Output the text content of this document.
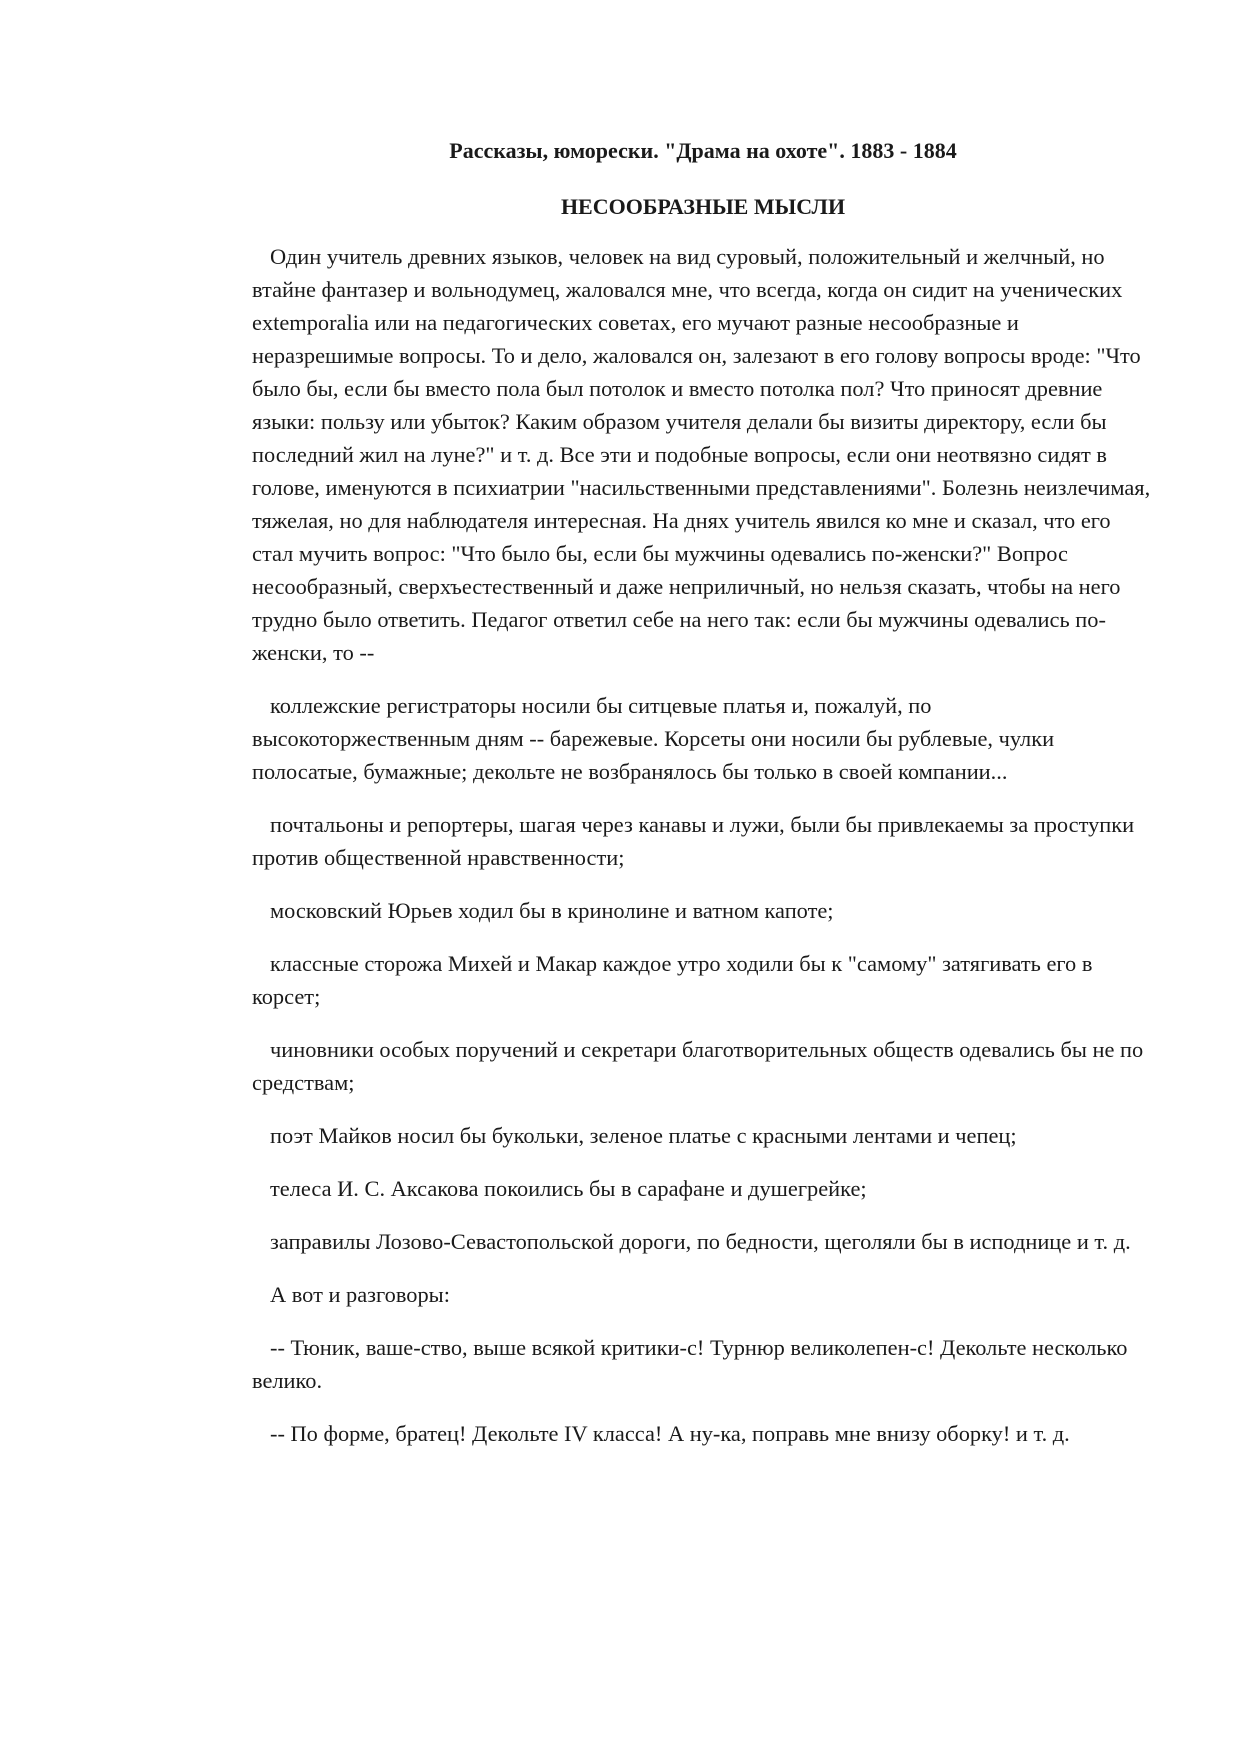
Рассказы, юморески. "Драма на охоте". 1883 - 1884
НЕСООБРАЗНЫЕ МЫСЛИ
Один учитель древних языков, человек на вид суровый, положительный и желчный, но втайне фантазер и вольнодумец, жаловался мне, что всегда, когда он сидит на ученических extemporalia или на педагогических советах, его мучают разные несообразные и неразрешимые вопросы. То и дело, жаловался он, залезают в его голову вопросы вроде: "Что было бы, если бы вместо пола был потолок и вместо потолка пол? Что приносят древние языки: пользу или убыток? Каким образом учителя делали бы визиты директору, если бы последний жил на луне?" и т. д. Все эти и подобные вопросы, если они неотвязно сидят в голове, именуются в психиатрии "насильственными представлениями". Болезнь неизлечимая, тяжелая, но для наблюдателя интересная. На днях учитель явился ко мне и сказал, что его стал мучить вопрос: "Что было бы, если бы мужчины одевались по-женски?" Вопрос несообразный, сверхъестественный и даже неприличный, но нельзя сказать, чтобы на него трудно было ответить. Педагог ответил себе на него так: если бы мужчины одевались по-женски, то --
коллежские регистраторы носили бы ситцевые платья и, пожалуй, по высокоторжественным дням -- барежевые. Корсеты они носили бы рублевые, чулки полосатые, бумажные; декольте не возбранялось бы только в своей компании...
почтальоны и репортеры, шагая через канавы и лужи, были бы привлекаемы за проступки против общественной нравственности;
московский Юрьев ходил бы в кринолине и ватном капоте;
классные сторожа Михей и Макар каждое утро ходили бы к "самому" затягивать его в корсет;
чиновники особых поручений и секретари благотворительных обществ одевались бы не по средствам;
поэт Майков носил бы букольки, зеленое платье с красными лентами и чепец;
телеса И. С. Аксакова покоились бы в сарафане и душегрейке;
заправилы Лозово-Севастопольской дороги, по бедности, щеголяли бы в исподнице и т. д.
А вот и разговоры:
-- Тюник, ваше-ство, выше всякой критики-с! Турнюр великолепен-с! Декольте несколько велико.
-- По форме, братец! Декольте IV класса! А ну-ка, поправь мне внизу оборку! и т. д.
